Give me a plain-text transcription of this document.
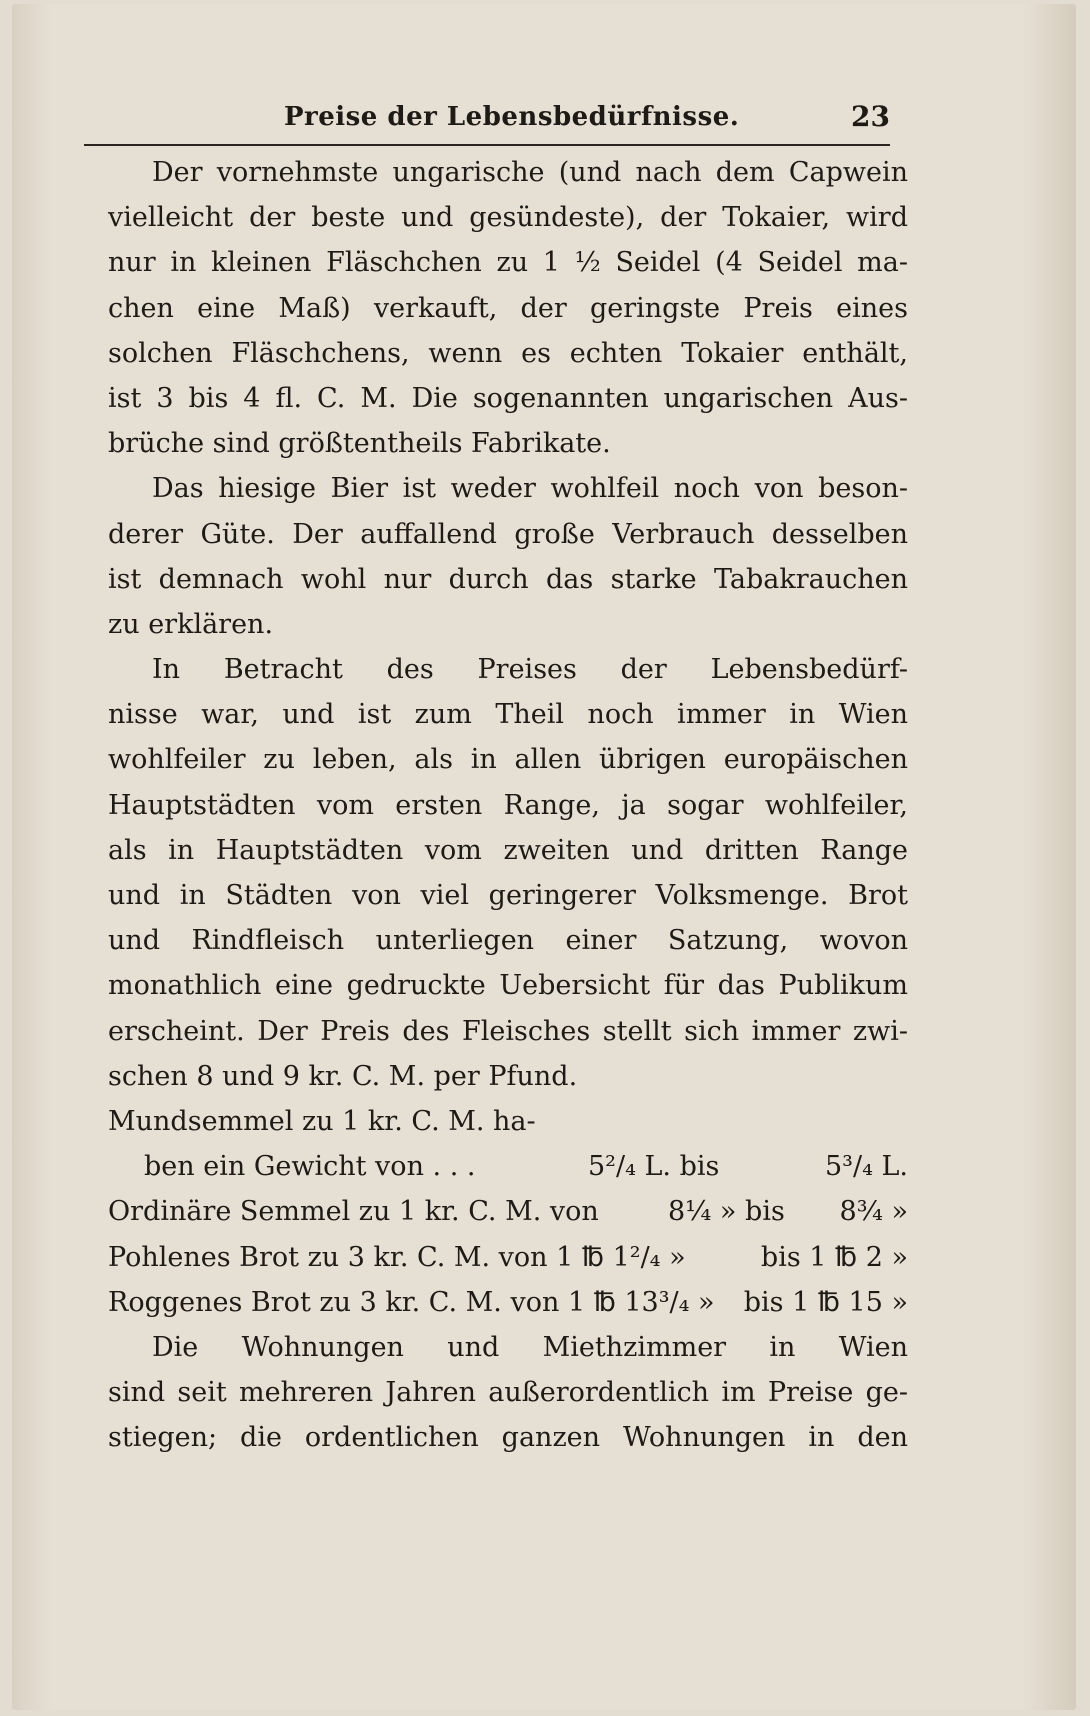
Preise der Lebensbedürfnisse.	23
Der vornehmste ungarische (und nach dem Capwein
vielleicht der beste und gesündeste), der Tokaier, wird
nur in kleinen Fläschchen zu 1 ½ Seidel (4 Seidel ma-
chen eine Maß) verkauft, der geringste Preis eines
solchen Fläschchens, wenn es echten Tokaier enthält,
ist 3 bis 4 fl. C. M. Die sogenannten ungarischen Aus-
brüche sind größtentheils Fabrikate.
Das hiesige Bier ist weder wohlfeil noch von beson-
derer Güte. Der auffallend große Verbrauch desselben
ist demnach wohl nur durch das starke Tabakrauchen
zu erklären.
In Betracht des Preises der Lebensbedürf-
nisse war, und ist zum Theil noch immer in Wien
wohlfeiler zu leben, als in allen übrigen europäischen
Hauptstädten vom ersten Range, ja sogar wohlfeiler,
als in Hauptstädten vom zweiten und dritten Range
und in Städten von viel geringerer Volksmenge. Brot
und Rindfleisch unterliegen einer Satzung, wovon
monathlich eine gedruckte Uebersicht für das Publikum
erscheint. Der Preis des Fleisches stellt sich immer zwi-
schen 8 und 9 kr. C. M. per Pfund.
Mundsemmel zu 1 kr. C. M. ha-
ben ein Gewicht von . . .	5²/₄ L. bis	5³/₄ L.
Ordinäre Semmel zu 1 kr. C. M. von	8¼ » bis 8¾ »
Pohlenes Brot zu 3 kr. C. M. von 1 ℔ 1²/₄ »	bis 1 ℔ 2 »
Roggenes Brot zu 3 kr. C. M. von 1 ℔ 13³/₄ » bis 1 ℔ 15 »
Die Wohnungen und Miethzimmer in Wien
sind seit mehreren Jahren außerordentlich im Preise ge-
stiegen; die ordentlichen ganzen Wohnungen in den
